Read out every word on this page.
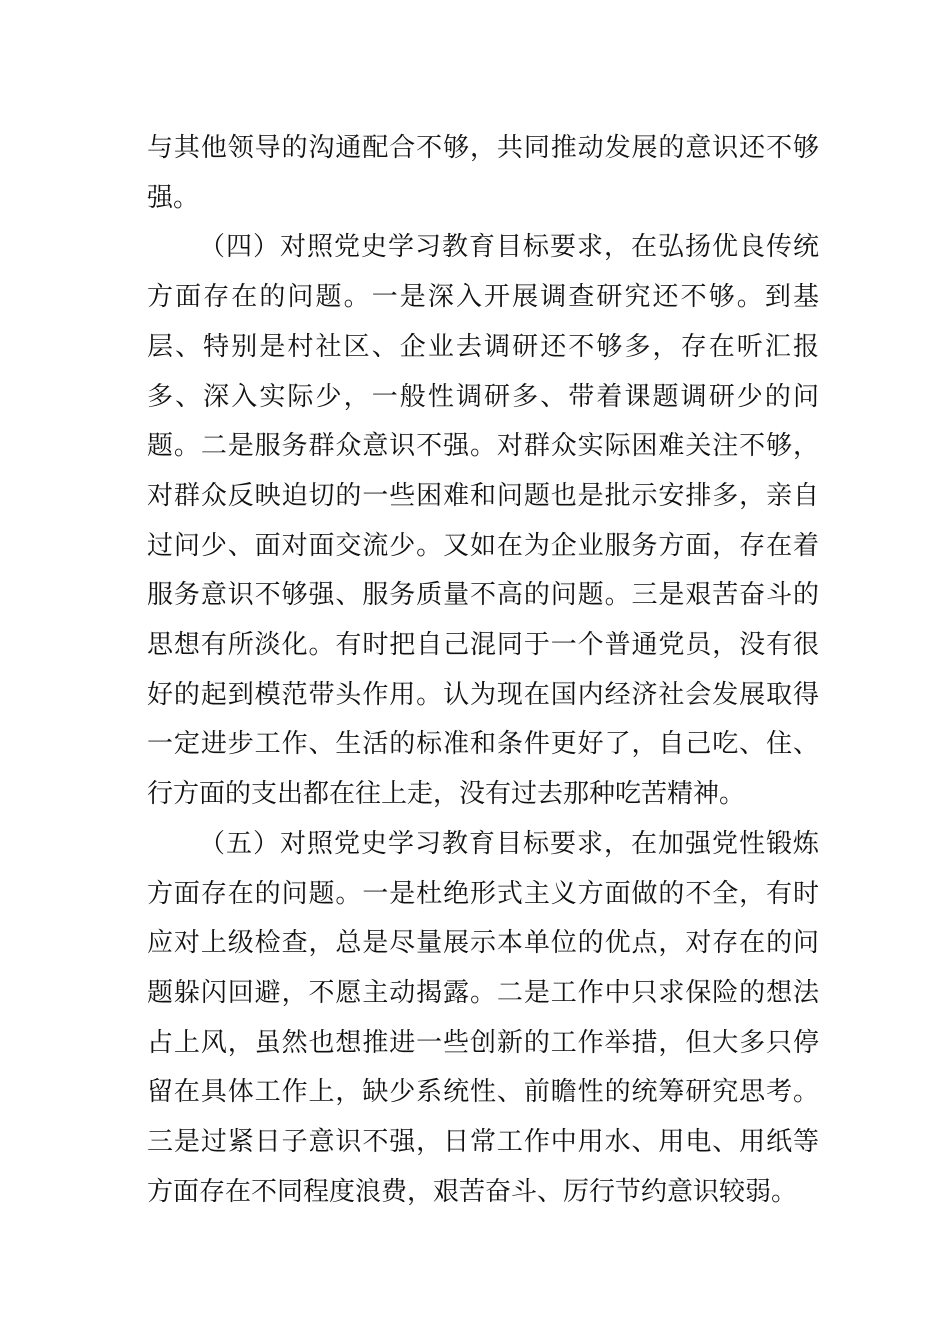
与其他领导的沟通配合不够，共同推动发展的意识还不够强。

（四）对照党史学习教育目标要求，在弘扬优良传统方面存在的问题。一是深入开展调查研究还不够。到基层、特别是村社区、企业去调研还不够多，存在听汇报多、深入实际少，一般性调研多、带着课题调研少的问题。二是服务群众意识不强。对群众实际困难关注不够，对群众反映迫切的一些困难和问题也是批示安排多，亲自过问少、面对面交流少。又如在为企业服务方面，存在着服务意识不够强、服务质量不高的问题。三是艰苦奋斗的思想有所淡化。有时把自己混同于一个普通党员，没有很好的起到模范带头作用。认为现在国内经济社会发展取得一定进步工作、生活的标准和条件更好了，自己吃、住、行方面的支出都在往上走，没有过去那种吃苦精神。

（五）对照党史学习教育目标要求，在加强党性锻炼方面存在的问题。一是杜绝形式主义方面做的不全，有时应对上级检查，总是尽量展示本单位的优点，对存在的问题躲闪回避，不愿主动揭露。二是工作中只求保险的想法占上风，虽然也想推进一些创新的工作举措，但大多只停留在具体工作上，缺少系统性、前瞻性的统筹研究思考。三是过紧日子意识不强，日常工作中用水、用电、用纸等方面存在不同程度浪费，艰苦奋斗、厉行节约意识较弱。
